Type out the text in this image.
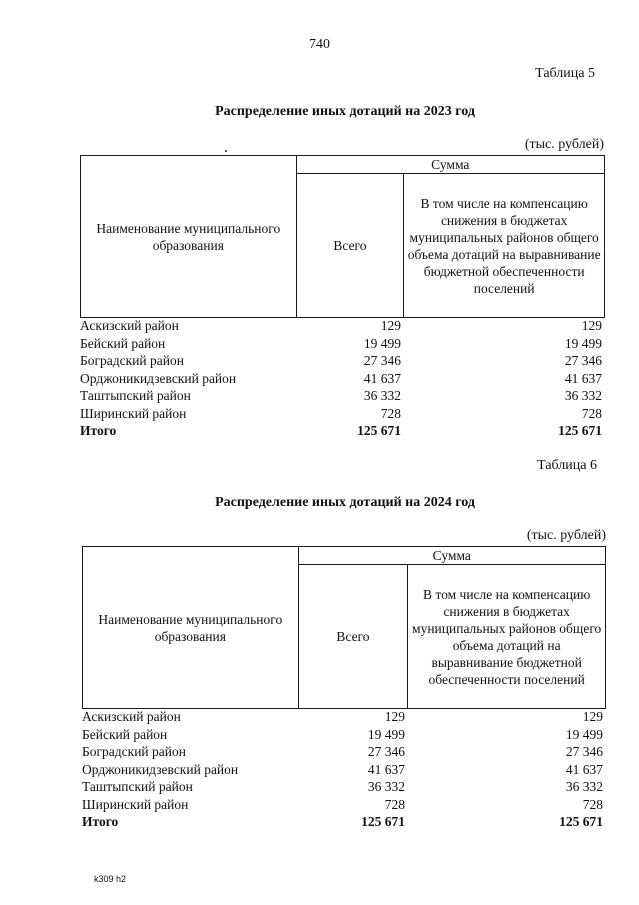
740
Таблица 5
Распределение иных дотаций на 2023 год
(тыс. рублей)
Наименование муниципального образования	Сумма	
	Всего	В том числе на компенсацию снижения в бюджетах муниципальных районов общего объема дотаций на выравнивание бюджетной обеспеченности поселений
Аскизский район	129	129
Бейский район	19 499	19 499
Боградский район	27 346	27 346
Орджоникидзевский район	41 637	41 637
Таштыпский район	36 332	36 332
Ширинский район	728	728
Итого	125 671	125 671
Таблица 6
Распределение иных дотаций на 2024 год
(тыс. рублей)
Наименование муниципального образования	Сумма	
	Всего	В том числе на компенсацию снижения в бюджетах муниципальных районов общего объема дотаций на выравнивание бюджетной обеспеченности поселений
Аскизский район	129	129
Бейский район	19 499	19 499
Боградский район	27 346	27 346
Орджоникидзевский район	41 637	41 637
Таштыпский район	36 332	36 332
Ширинский район	728	728
Итого	125 671	125 671
k309 h2
